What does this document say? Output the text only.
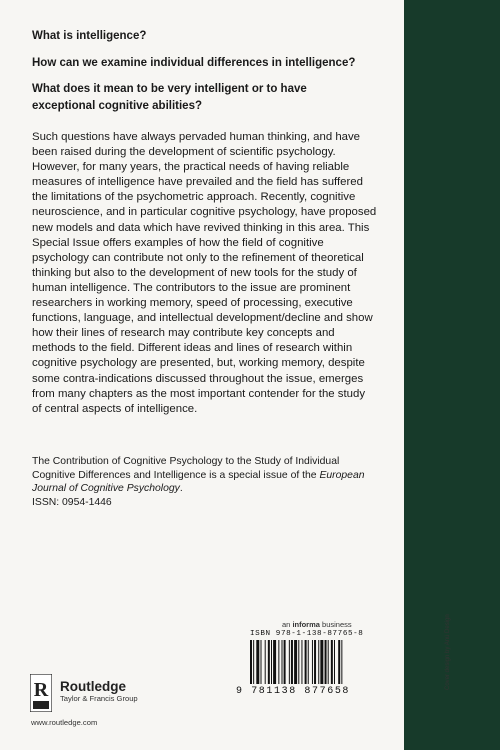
What is intelligence?

How can we examine individual differences in intelligence?

What does it mean to be very intelligent or to have exceptional cognitive abilities?

Such questions have always pervaded human thinking, and have been raised during the development of scientific psychology. However, for many years, the practical needs of having reliable measures of intelligence have prevailed and the field has suffered the limitations of the psychometric approach. Recently, cognitive neuroscience, and in particular cognitive psychology, have proposed new models and data which have revived thinking in this area. This Special Issue offers examples of how the field of cognitive psychology can contribute not only to the refinement of theoretical thinking but also to the development of new tools for the study of human intelligence. The contributors to the issue are prominent researchers in working memory, speed of processing, executive functions, language, and intellectual development/decline and show how their lines of research may contribute key concepts and methods to the field. Different ideas and lines of research within cognitive psychology are presented, but, working memory, despite some contra-indications discussed throughout the issue, emerges from many chapters as the most important contender for the study of central aspects of intelligence.

The Contribution of Cognitive Psychology to the Study of Individual Cognitive Differences and Intelligence is a special issue of the European Journal of Cognitive Psychology.
ISSN: 0954-1446
an informa business
ISBN 978-1-138-87765-8
9 781138 877658
R Routledge
Taylor & Francis Group
www.routledge.com
Cover design by Anú Design
